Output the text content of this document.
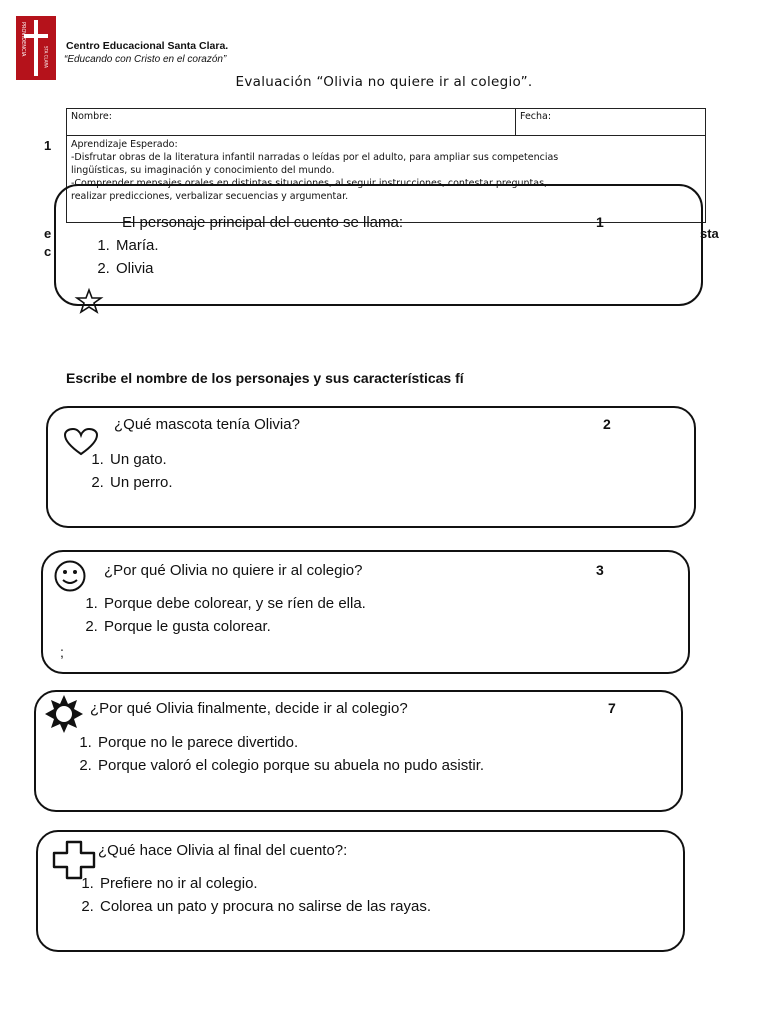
PROVIDENCIA
STA CLARA Centro Educacional Santa Clara.
“Educando con Cristo en el corazón”
Evaluación “Olivia no quiere ir al colegio”.
Nombre:	Fecha:

Aprendizaje Esperado:
-Disfrutar obras de la literatura infantil narradas o leídas por el adulto, para ampliar sus competencias
lingüísticas, su imaginación y conocimiento del mundo.
-Comprender mensajes orales en distintas situaciones, al seguir instrucciones, contestar preguntas,
realizar predicciones, verbalizar secuencias y argumentar.
1
e
c
sta
El personaje principal del cuento se llama:	1
1. María.
2. Olivia
Escribe el nombre de los personajes y sus características fí
¿Qué mascota tenía Olivia?	2
1. Un gato.
2. Un perro.
¿Por qué Olivia no quiere ir al colegio?	3
1. Porque debe colorear, y se ríen de ella.
2. Porque le gusta colorear.
;
¿Por qué Olivia finalmente, decide ir al colegio?	7
1. Porque no le parece divertido.
2. Porque valoró el colegio porque su abuela no pudo asistir.
¿Qué hace Olivia al final del cuento?:
1. Prefiere no ir al colegio.
2. Colorea un pato y procura no salirse de las rayas.
